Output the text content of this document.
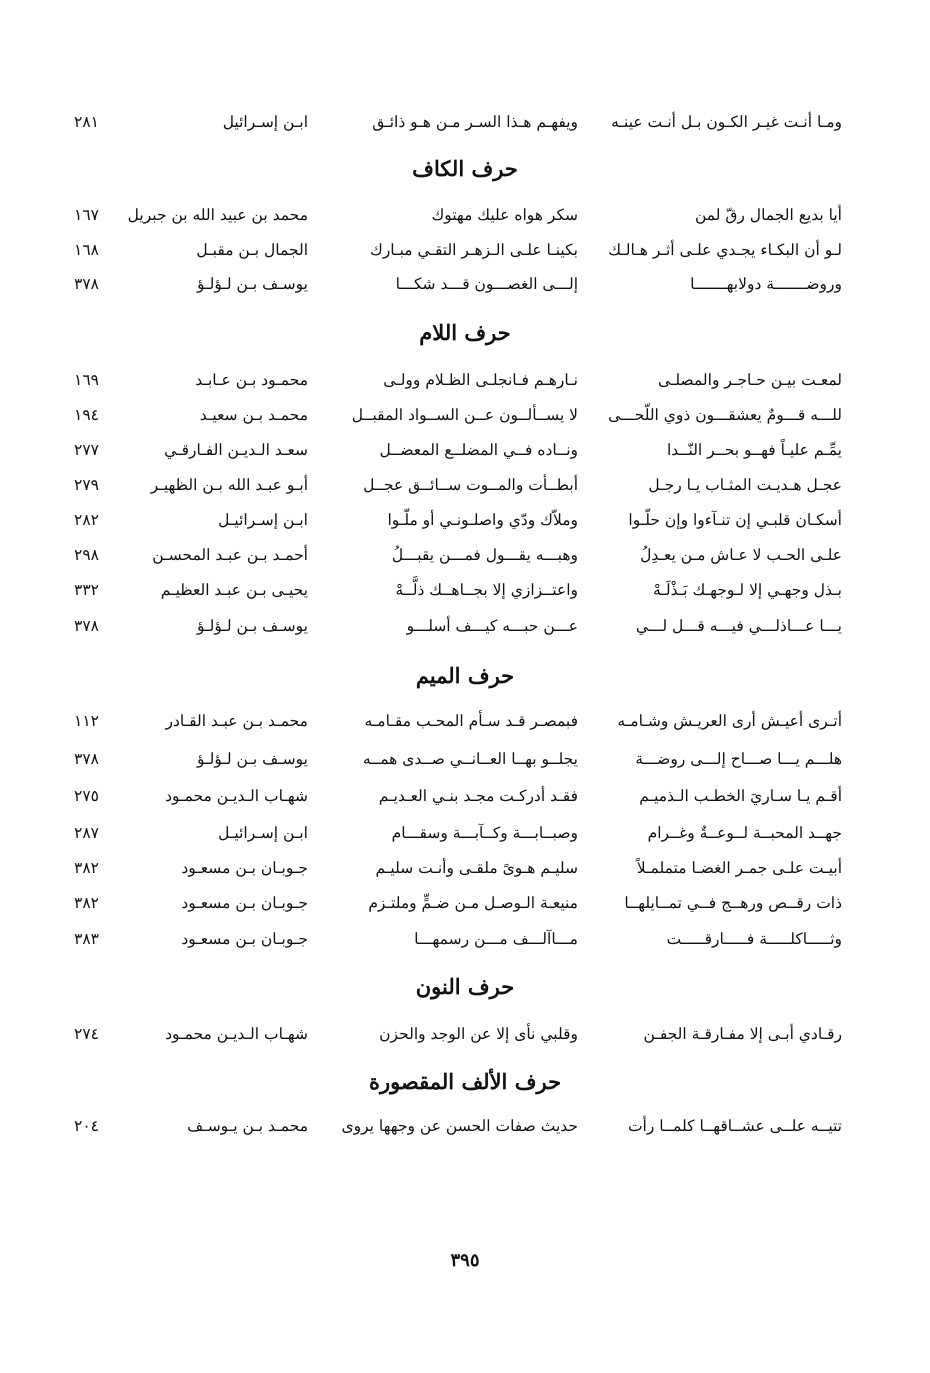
ومـا أنـت غيـر الكـون بـل أنـت عينـه
ويفهـم هـذا السـر مـن هـو ذائـق
ابـن إسـرائيل
٢٨١
حرف الكاف
أيا بديع الجمال رقّ لمن
سكر هواه عليك مهتوك
محمد بن عبيد الله بن جبريل
١٦٧
لـو أن البكـاء يجـدي علـى أثـر هـالـك
بكينـا علـى الـزهـر التقـي مبـارك
الجمال بـن مقبـل
١٦٨
وروضـــــــة دولابهـــــــا
إلـــى الغصـــون قـــد شكـــا
يوسـف بـن لـؤلـؤ
٣٧٨
حرف اللام
لمعـت بيـن حـاجـر والمصلـى
نـارهـم فـانجلـى الظـلام وولـى
محمـود بـن عـابـد
١٦٩
للـــه قـــومٌ يعشقـــون ذوي اللّحـــى
لا يســألــون عــن الســواد المقبــل
محمـد بـن سعيـد
١٩٤
يمِّـم عليـاً فهــو بحــر النّــدا
ونــاده فــي المضلــع المعضــل
سعـد الـديـن الفـارقـي
٢٧٧
عجـل هـديـت المثـاب يـا رجـل
أبطــأت والمــوت ســائــق عجــل
أبـو عبـد الله بـن الظهيـر
٢٧٩
أسكـان قلبـي إن تنـآءوا وإن حلّـوا
وملاّك ودّي واصلـونـي أو ملّـوا
ابـن إسـرائيـل
٢٨٢
علـى الحـب لا عـاش مـن يعـدِلُ
وهبـــه يقـــول فمـــن يقبـــلُ
أحمـد بـن عبـد المحسـن
٢٩٨
بـذل وجهـي إلا لـوجهـك بَـذْلَـهْ
واعتــزازي إلا بجــاهــك ذلَّــهْ
يحيـى بـن عبـد العظيـم
٣٣٢
يـــا عـــاذلـــي فيـــه قـــل لـــي
عـــن حبـــه كيـــف أسلـــو
يوسـف بـن لـؤلـؤ
٣٧٨
حرف الميم
أتـرى أعيـش أرى العريـش وشـامـه
فبمصـر قـد سـأم المحـب مقـامـه
محمـد بـن عبـد القـادر
١١٢
هلـــم يـــا صـــاح إلـــى روضـــة
يجلــو بهــا العــانــي صــدى همــه
يوسـف بـن لـؤلـؤ
٣٧٨
أقـم يـا سـاريَ الخطـب الـذميـم
فقـد أدركـت مجـد بنـي العـديـم
شهـاب الـديـن محمـود
٢٧٥
جهــد المحبــة لــوعــةٌ وغــرام
وصبــابـــة وكــآبـــة وسقـــام
ابـن إسـرائيـل
٢٨٧
أبيـت علـى جمـر الغضـا متملمـلاً
سليـم هـوىً ملقـى وأنـت سليـم
جـوبـان بـن مسعـود
٣٨٢
ذات رقــص ورهــج فــي تمــايلهــا
منيعـة الـوصـل مـن ضـمٍّ وملتـزم
جـوبـان بـن مسعـود
٣٨٢
وثـــــاكلـــــة فـــــارقـــــت
مـــاآلـــف مـــن رسمهـــا
جـوبـان بـن مسعـود
٣٨٣
حرف النون
رقـادي أبـى إلا مفـارقـة الجفـن
وقلبي نأى إلا عن الوجد والحزن
شهـاب الـديـن محمـود
٢٧٤
حرف الألف المقصورة
تتيــه علــى عشــاقهــا كلمــا رأت
حديث صفات الحسن عن وجهها يروى
محمـد بـن يـوسـف
٢٠٤
٣٩٥
